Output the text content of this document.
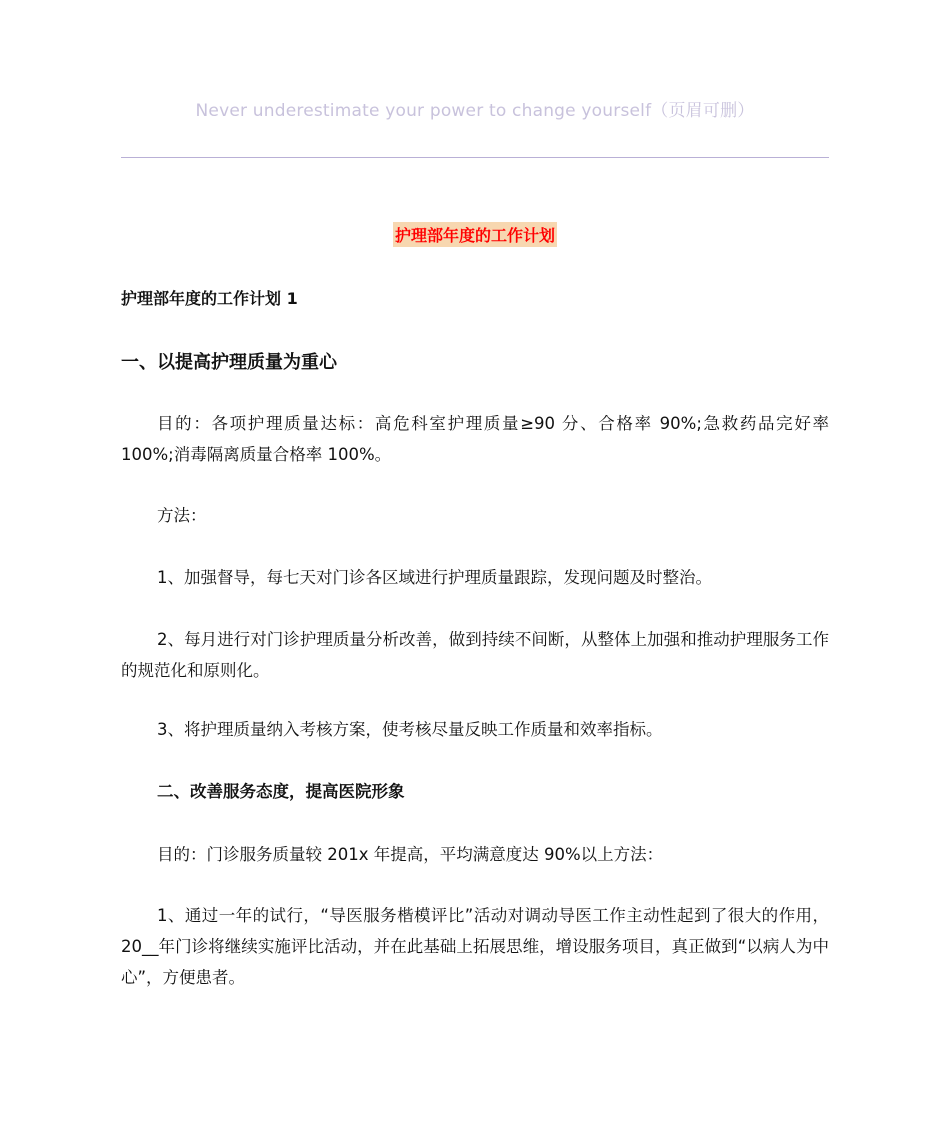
Never underestimate your power to change yourself（页眉可删）
护理部年度的工作计划
护理部年度的工作计划 1
一、以提高护理质量为重心

目的：各项护理质量达标：高危科室护理质量≥90 分、合格率 90%;急救药品完好率 100%;消毒隔离质量合格率 100%。

方法：

1、加强督导，每七天对门诊各区域进行护理质量跟踪，发现问题及时整治。

2、每月进行对门诊护理质量分析改善，做到持续不间断，从整体上加强和推动护理服务工作的规范化和原则化。

3、将护理质量纳入考核方案，使考核尽量反映工作质量和效率指标。

二、改善服务态度，提高医院形象

目的：门诊服务质量较 201x 年提高，平均满意度达 90%以上方法：

1、通过一年的试行，“导医服务楷模评比”活动对调动导医工作主动性起到了很大的作用，20__年门诊将继续实施评比活动，并在此基础上拓展思维，增设服务项目，真正做到“以病人为中心”，方便患者。
